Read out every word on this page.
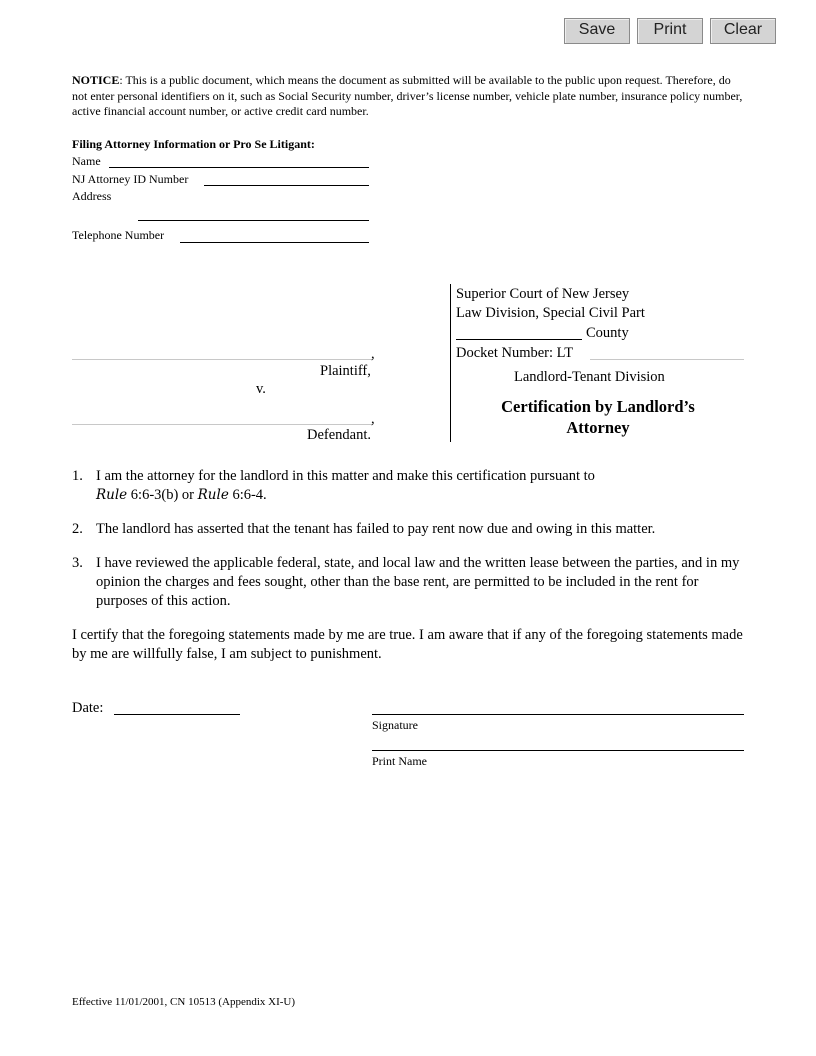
Save	Print	Clear
NOTICE: This is a public document, which means the document as submitted will be available to the public upon request. Therefore, do not enter personal identifiers on it, such as Social Security number, driver’s license number, vehicle plate number, insurance policy number, active financial account number, or active credit card number.
Filing Attorney Information or Pro Se Litigant:
Name
NJ Attorney ID Number
Address
Telephone Number
,
Plaintiff,
v.
,
Defendant.
Superior Court of New Jersey
Law Division, Special Civil Part
County
Docket Number: LT
Landlord-Tenant Division
Certification by Landlord’s
Attorney
1. I am the attorney for the landlord in this matter and make this certification pursuant to
Rule 6:6-3(b) or Rule 6:6-4.
2. The landlord has asserted that the tenant has failed to pay rent now due and owing in this matter.
3. I have reviewed the applicable federal, state, and local law and the written lease between the parties, and in my opinion the charges and fees sought, other than the base rent, are permitted to be included in the rent for purposes of this action.
I certify that the foregoing statements made by me are true. I am aware that if any of the foregoing statements made by me are willfully false, I am subject to punishment.
Date:
Signature
Print Name
Effective 11/01/2001, CN 10513 (Appendix XI-U)
